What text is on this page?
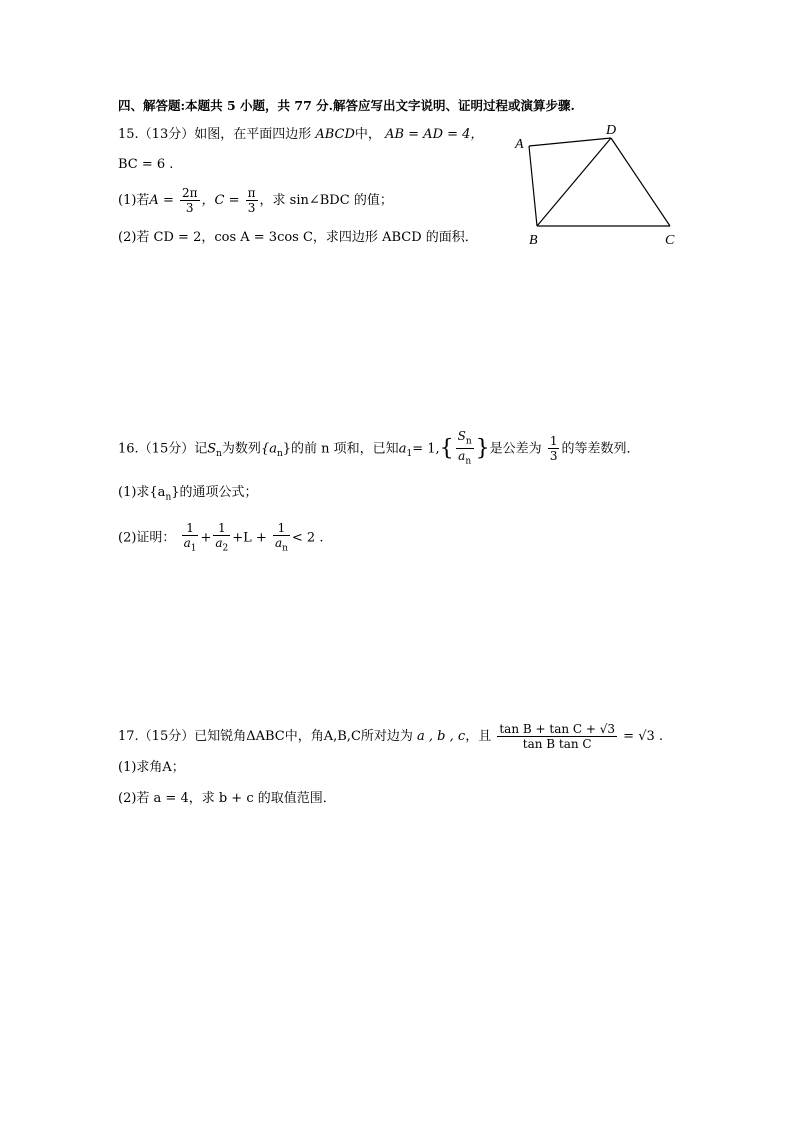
四、解答题:本题共 5 小题，共 77 分.解答应写出文字说明、证明过程或演算步骤.
15.（13分）如图，在平面四边形 ABCD中， AB = AD = 4，
BC = 6 .
(1)若$A = \frac{2\pi}{3}$ ，$C = \frac{\pi}{3}$ ，求 sin∠BDC 的值；
(2)若 CD = 2，cos A = 3cos C，求四边形 ABCD 的面积．
A
D
B	C
16.（15分）记$S_n$为数列$\{a_n\}$的前 n 项和，已知$a_1= 1,\{ \frac{S_n}{a_n}$ }是公差为 $\frac{1}{3}$ 的等差数列．
(1)求$\{a_n\}$的通项公式；
(2)证明： $\frac{1}{a_1} + \frac{1}{a_2} +L + \frac{1}{a_n} < 2$ .
17.（15分）已知锐角ΔABC中，角A,B,C所对边为 a , b , c，且 $\frac{\text{tan B + tan C + √3}}{\text{tan B tan C}} = √3$ .
(1)求角A；
(2)若 a = 4，求 b + c 的取值范围．
